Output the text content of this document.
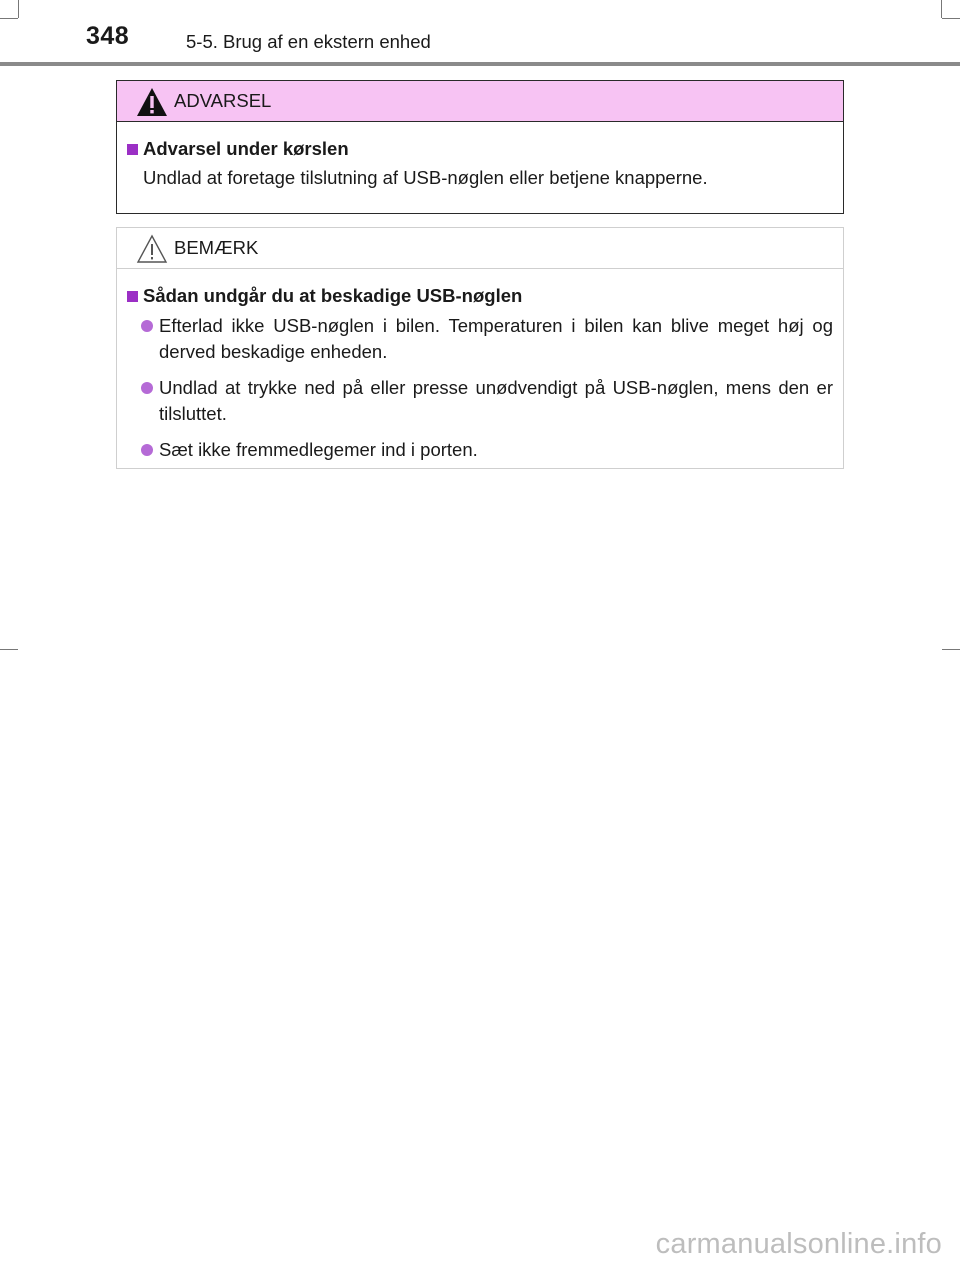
348	5-5. Brug af en ekstern enhed
ADVARSEL
Advarsel under kørslen
Undlad at foretage tilslutning af USB-nøglen eller betjene knapperne.
BEMÆRK
Sådan undgår du at beskadige USB-nøglen
Efterlad ikke USB-nøglen i bilen. Temperaturen i bilen kan blive meget høj og derved beskadige enheden.
Undlad at trykke ned på eller presse unødvendigt på USB-nøglen, mens den er tilsluttet.
Sæt ikke fremmedlegemer ind i porten.
carmanualsonline.info
